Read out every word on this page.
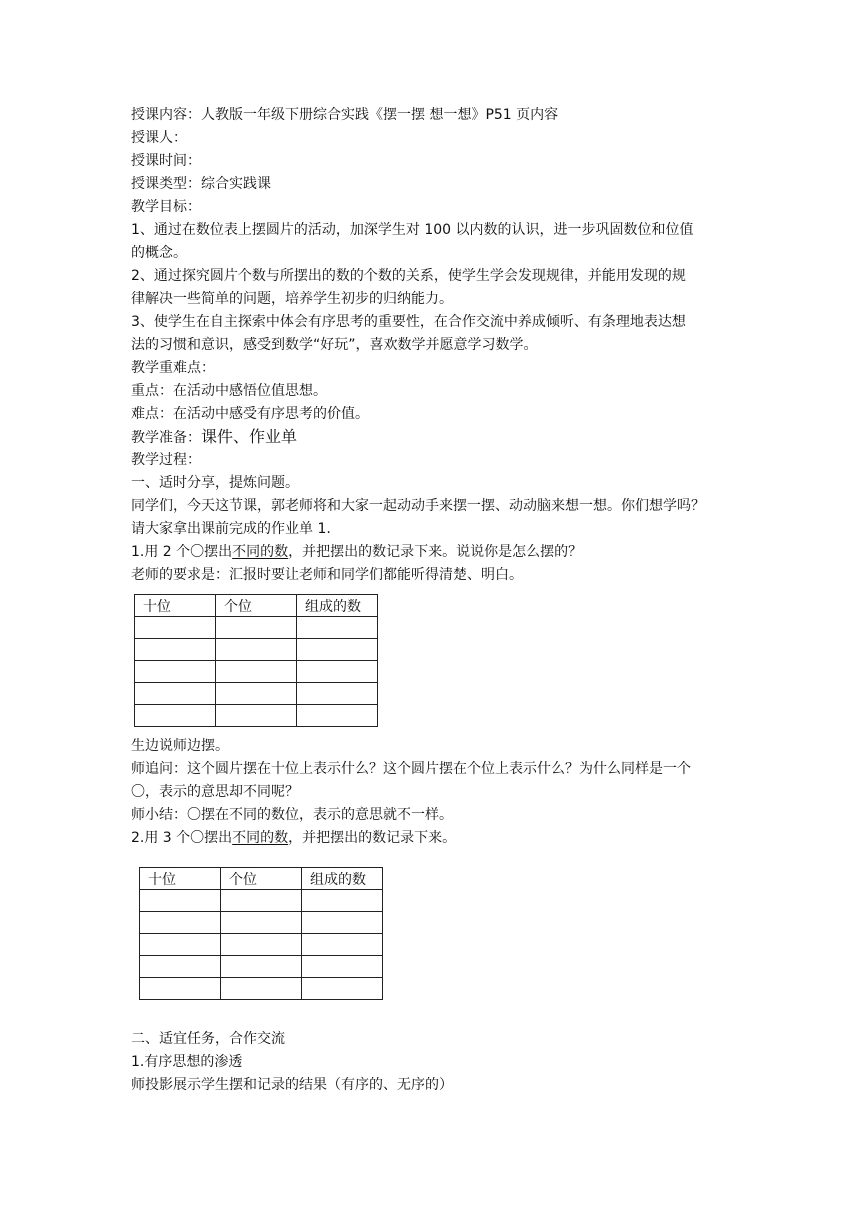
授课内容：人教版一年级下册综合实践《摆一摆 想一想》P51 页内容
授课人：
授课时间：
授课类型：综合实践课
教学目标：
1、通过在数位表上摆圆片的活动，加深学生对 100 以内数的认识，进一步巩固数位和位值
的概念。
2、通过探究圆片个数与所摆出的数的个数的关系，使学生学会发现规律，并能用发现的规
律解决一些简单的问题，培养学生初步的归纳能力。
3、使学生在自主探索中体会有序思考的重要性，在合作交流中养成倾听、有条理地表达想
法的习惯和意识，感受到数学“好玩”，喜欢数学并愿意学习数学。
教学重难点：
重点：在活动中感悟位值思想。
难点：在活动中感受有序思考的价值。
教学准备：课件、作业单
教学过程：
一、适时分享，提炼问题。
同学们，今天这节课，郭老师将和大家一起动动手来摆一摆、动动脑来想一想。你们想学吗？
请大家拿出课前完成的作业单 1.
1.用 2 个〇摆出不同的数，并把摆出的数记录下来。说说你是怎么摆的？
老师的要求是：汇报时要让老师和同学们都能听得清楚、明白。
十位	个位	组成的数

生边说师边摆。
师追问：这个圆片摆在十位上表示什么？这个圆片摆在个位上表示什么？为什么同样是一个
〇，表示的意思却不同呢？
师小结：〇摆在不同的数位，表示的意思就不一样。
2.用 3 个〇摆出不同的数，并把摆出的数记录下来。
十位	个位	组成的数

二、适宜任务，合作交流
1.有序思想的渗透
师投影展示学生摆和记录的结果（有序的、无序的）
